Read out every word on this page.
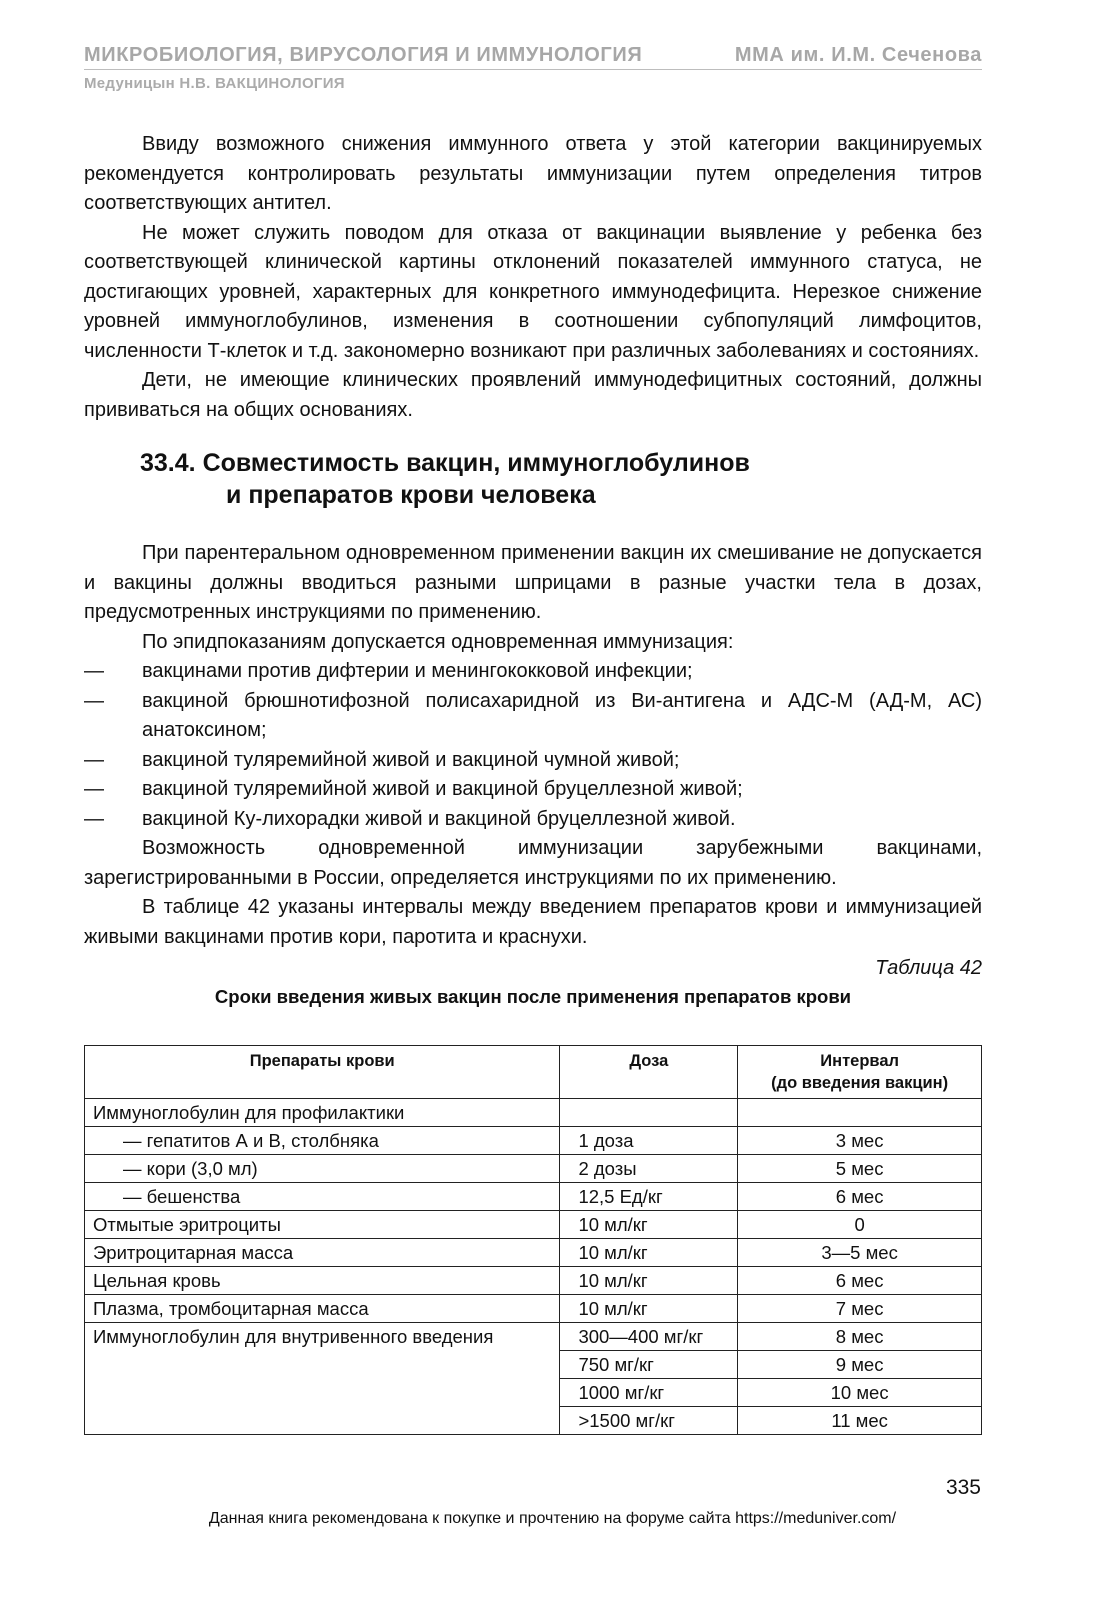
МИКРОБИОЛОГИЯ, ВИРУСОЛОГИЯ И ИММУНОЛОГИЯ	ММА им. И.М. Сеченова
Медуницын Н.В. ВАКЦИНОЛОГИЯ

Ввиду возможного снижения иммунного ответа у этой категории вакцинируемых рекомендуется контролировать результаты иммунизации путем определения титров соответствующих антител.

Не может служить поводом для отказа от вакцинации выявление у ребенка без соответствующей клинической картины отклонений показателей иммунного статуса, не достигающих уровней, характерных для конкретного иммунодефицита. Нерезкое снижение уровней иммуноглобулинов, изменения в соотношении субпопуляций лимфоцитов, численности Т-клеток и т.д. закономерно возникают при различных заболеваниях и состояниях.

Дети, не имеющие клинических проявлений иммунодефицитных состояний, должны прививаться на общих основаниях.

33.4. Совместимость вакцин, иммуноглобулинов
и препаратов крови человека

При парентеральном одновременном применении вакцин их смешивание не допускается и вакцины должны вводиться разными шприцами в разные участки тела в дозах, предусмотренных инструкциями по применению.

По эпидпоказаниям допускается одновременная иммунизация:

— вакцинами против дифтерии и менингококковой инфекции;
— вакциной брюшнотифозной полисахаридной из Ви-антигена и АДС-М (АД-М, АС) анатоксином;
— вакциной туляремийной живой и вакциной чумной живой;
— вакциной туляремийной живой и вакциной бруцеллезной живой;
— вакциной Ку-лихорадки живой и вакциной бруцеллезной живой.

Возможность одновременной иммунизации зарубежными вакцинами, зарегистрированными в России, определяется инструкциями по их применению.

В таблице 42 указаны интервалы между введением препаратов крови и иммунизацией живыми вакцинами против кори, паротита и краснухи.

Таблица 42
Сроки введения живых вакцин после применения препаратов крови
Препараты крови	Доза	Интервал
(до введения вакцин)
Иммуноглобулин для профилактики		
— гепатитов А и В, столбняка	1 доза	3 мес
— кори (3,0 мл)	2 дозы	5 мес
— бешенства	12,5 Ед/кг	6 мес
Отмытые эритроциты	10 мл/кг	0
Эритроцитарная масса	10 мл/кг	3—5 мес
Цельная кровь	10 мл/кг	6 мес
Плазма, тромбоцитарная масса	10 мл/кг	7 мес
Иммуноглобулин для внутривенного введения	300—400 мг/кг	8 мес
	750 мг/кг	9 мес
	1000 мг/кг	10 мес
	>1500 мг/кг	11 мес
335
Данная книга рекомендована к покупке и прочтению на форуме сайта https://meduniver.com/
